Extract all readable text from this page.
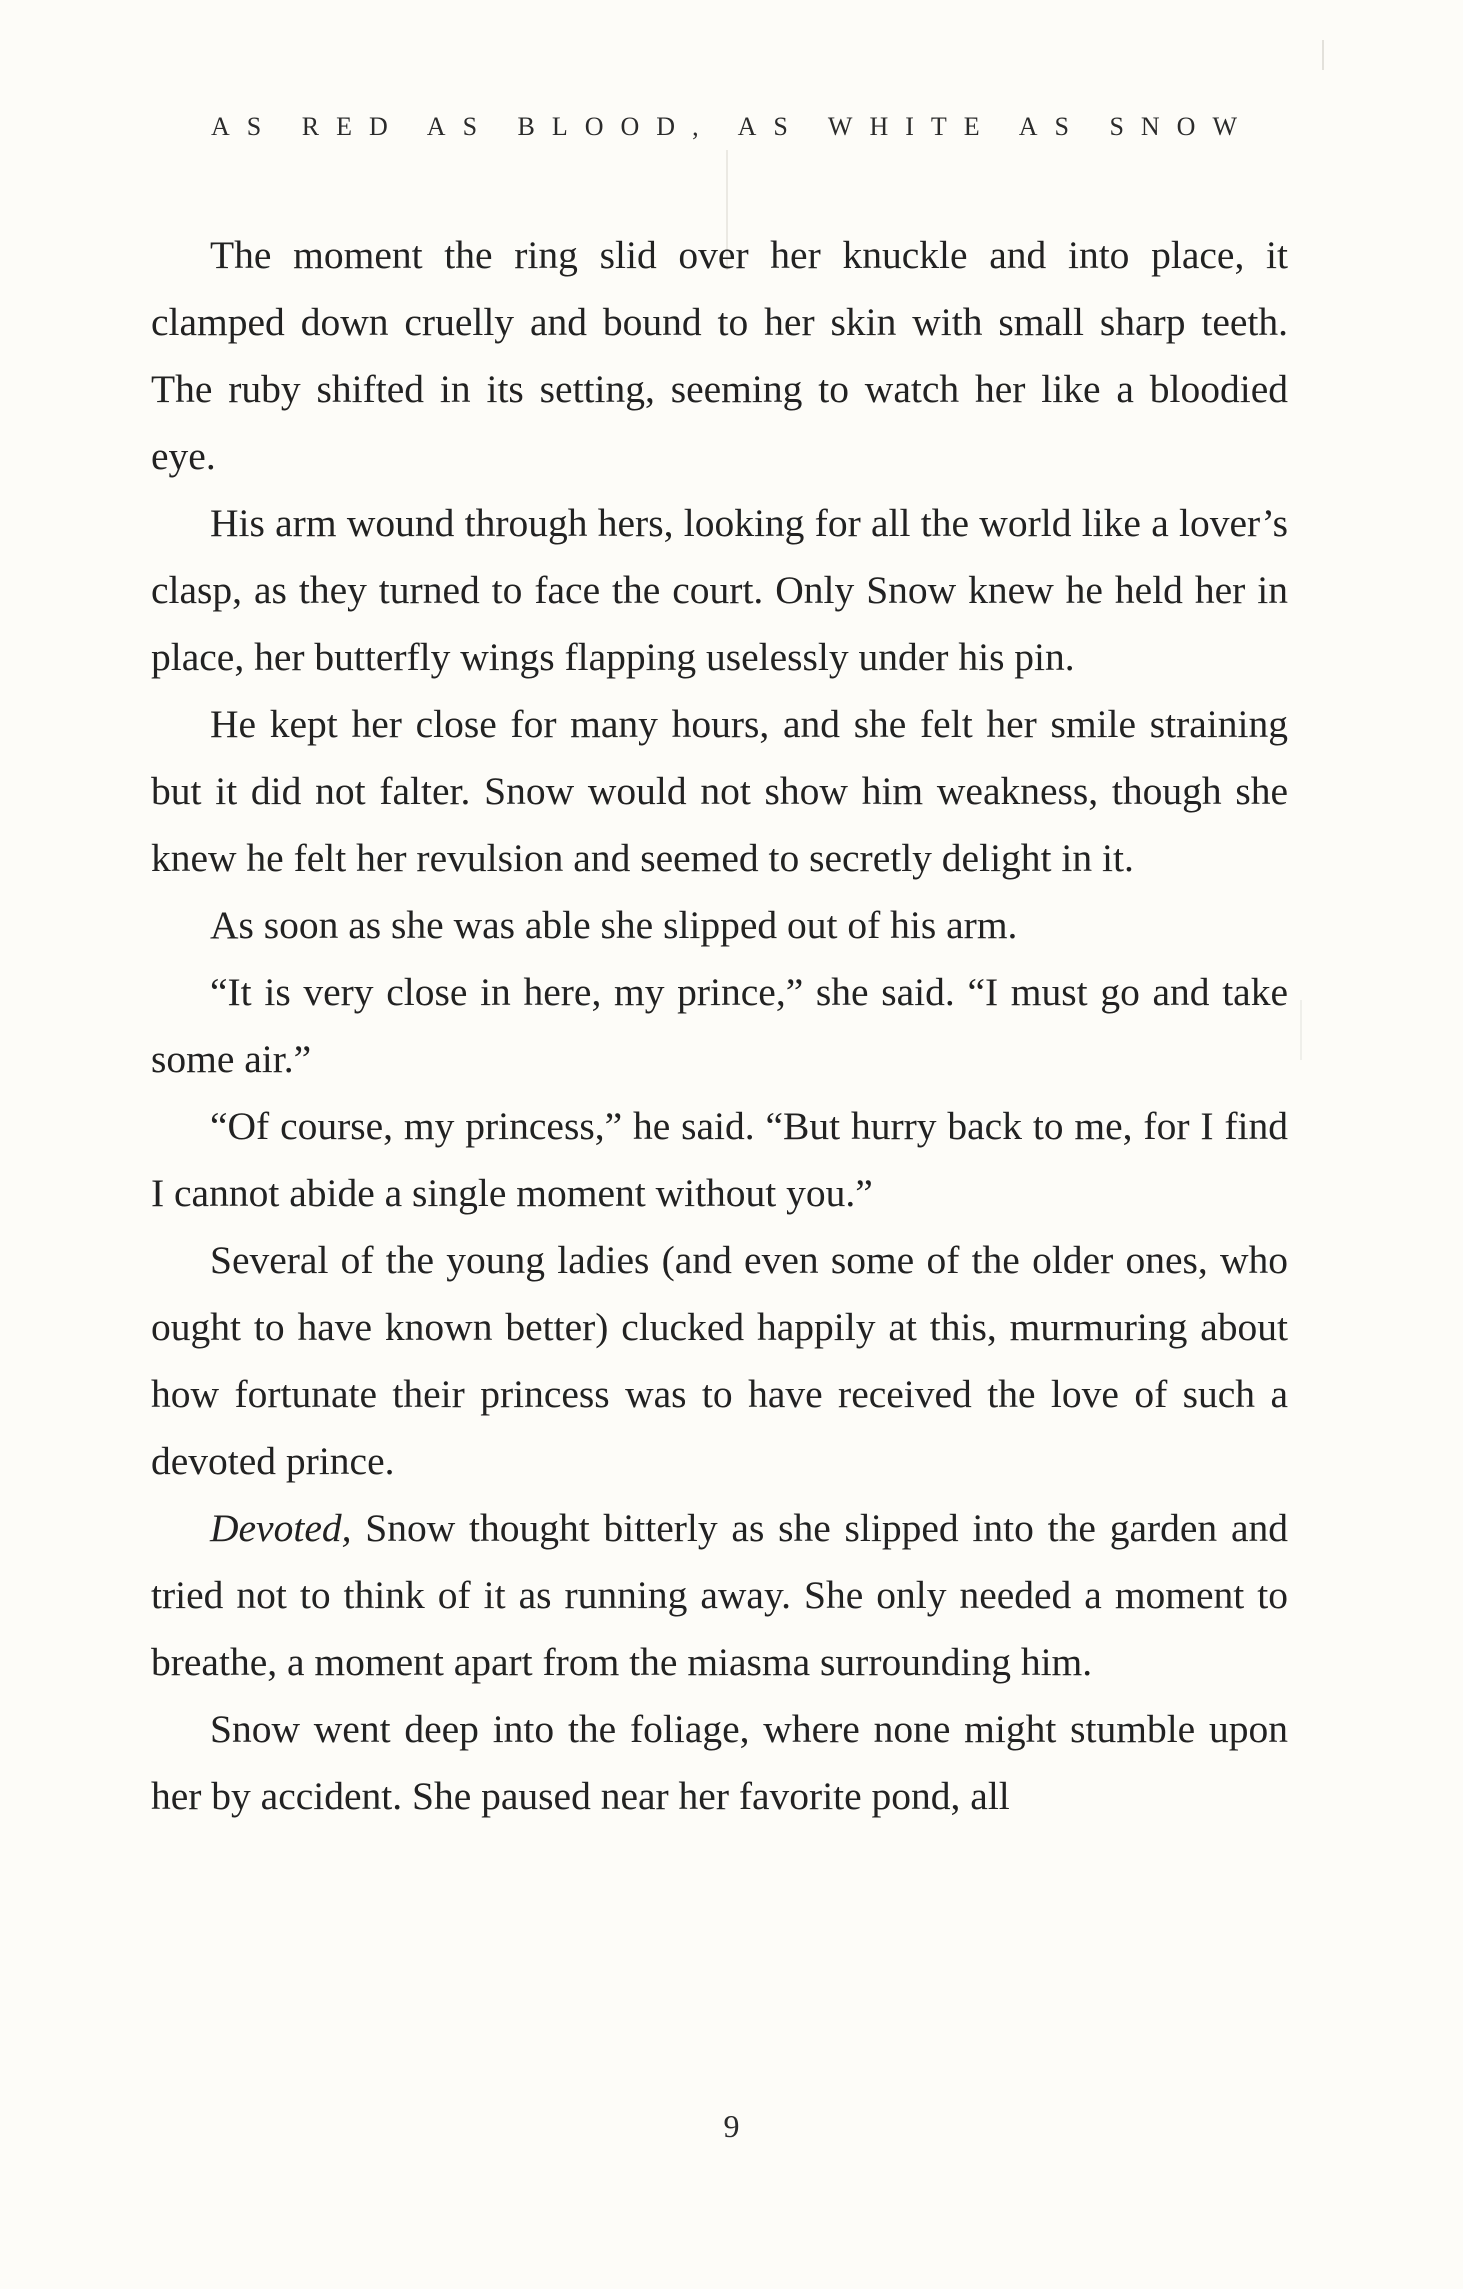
AS RED AS BLOOD, AS WHITE AS SNOW

The moment the ring slid over her knuckle and into place, it clamped down cruelly and bound to her skin with small sharp teeth. The ruby shifted in its setting, seeming to watch her like a bloodied eye.

His arm wound through hers, looking for all the world like a lover’s clasp, as they turned to face the court. Only Snow knew he held her in place, her butterfly wings flapping uselessly under his pin.

He kept her close for many hours, and she felt her smile straining but it did not falter. Snow would not show him weakness, though she knew he felt her revulsion and seemed to secretly delight in it.

As soon as she was able she slipped out of his arm.

“It is very close in here, my prince,” she said. “I must go and take some air.”

“Of course, my princess,” he said. “But hurry back to me, for I find I cannot abide a single moment without you.”

Several of the young ladies (and even some of the older ones, who ought to have known better) clucked happily at this, murmuring about how fortunate their princess was to have received the love of such a devoted prince.

Devoted, Snow thought bitterly as she slipped into the garden and tried not to think of it as running away. She only needed a moment to breathe, a moment apart from the miasma surrounding him.

Snow went deep into the foliage, where none might stumble upon her by accident. She paused near her favorite pond, all

9
